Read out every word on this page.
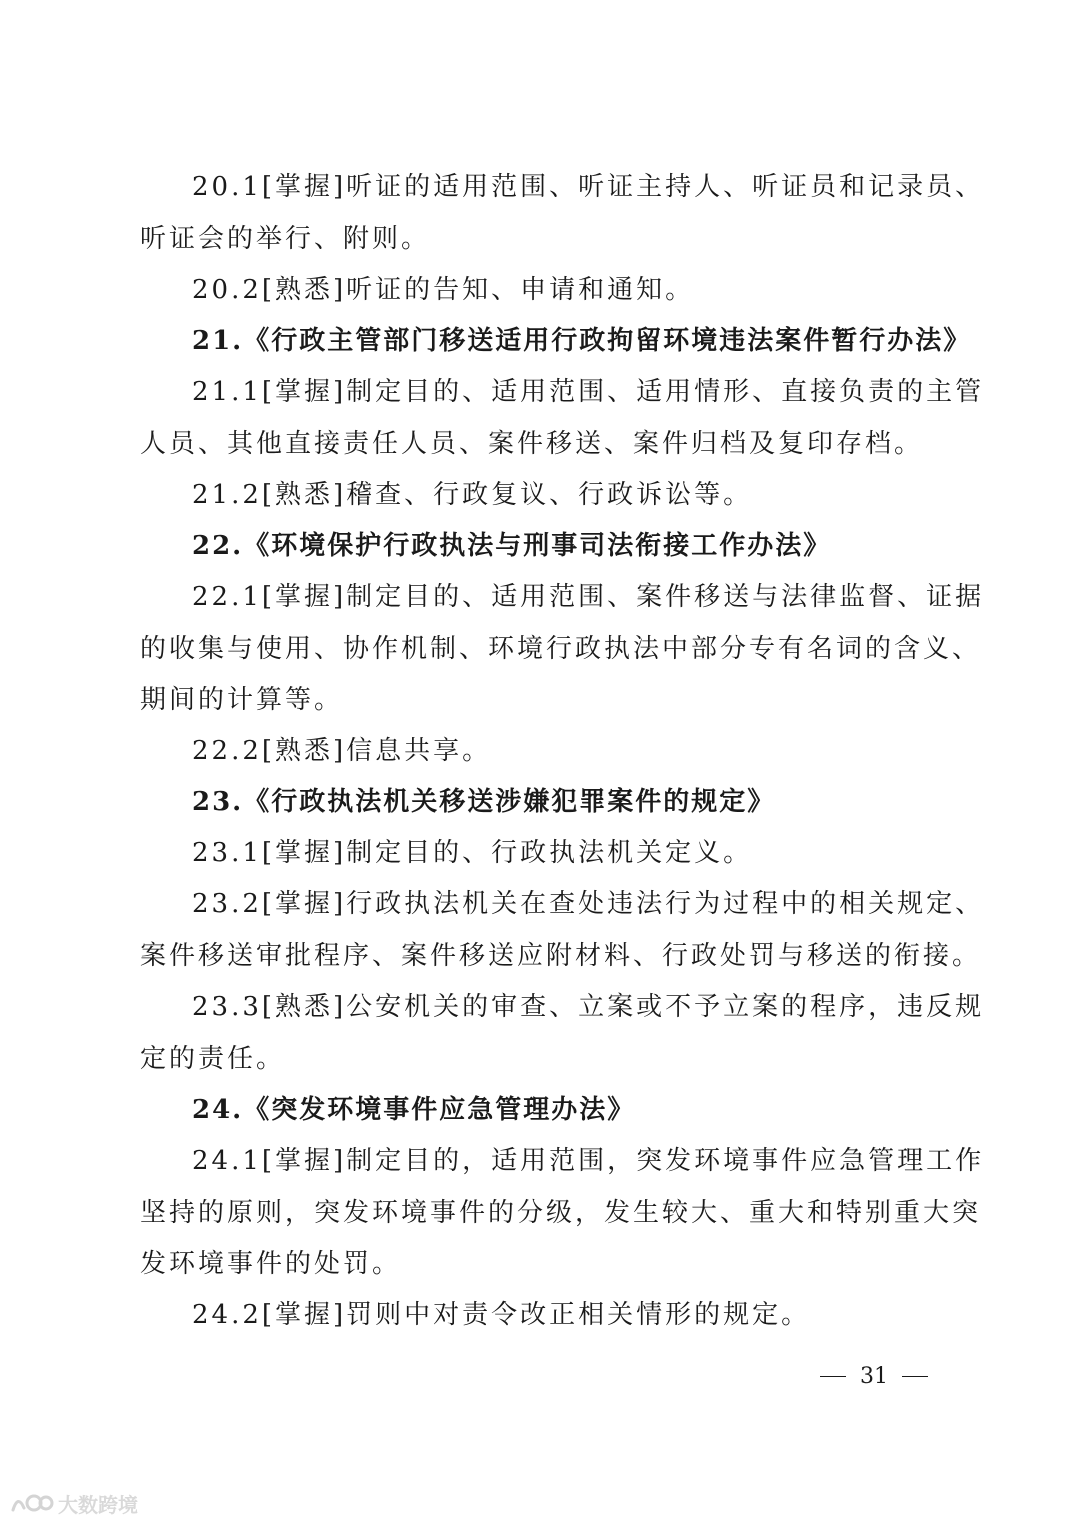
20.1[掌握]听证的适用范围、听证主持人、听证员和记录员、
听证会的举行、附则。
20.2[熟悉]听证的告知、申请和通知。
21.《行政主管部门移送适用行政拘留环境违法案件暂行办法》
21.1[掌握]制定目的、适用范围、适用情形、直接负责的主管
人员、其他直接责任人员、案件移送、案件归档及复印存档。
21.2[熟悉]稽查、行政复议、行政诉讼等。
22.《环境保护行政执法与刑事司法衔接工作办法》
22.1[掌握]制定目的、适用范围、案件移送与法律监督、证据
的收集与使用、协作机制、环境行政执法中部分专有名词的含义、
期间的计算等。
22.2[熟悉]信息共享。
23.《行政执法机关移送涉嫌犯罪案件的规定》
23.1[掌握]制定目的、行政执法机关定义。
23.2[掌握]行政执法机关在查处违法行为过程中的相关规定、
案件移送审批程序、案件移送应附材料、行政处罚与移送的衔接。
23.3[熟悉]公安机关的审查、立案或不予立案的程序，违反规
定的责任。
24.《突发环境事件应急管理办法》
24.1[掌握]制定目的，适用范围，突发环境事件应急管理工作
坚持的原则，突发环境事件的分级，发生较大、重大和特别重大突
发环境事件的处罚。
24.2[掌握]罚则中对责令改正相关情形的规定。
31
大数跨境
